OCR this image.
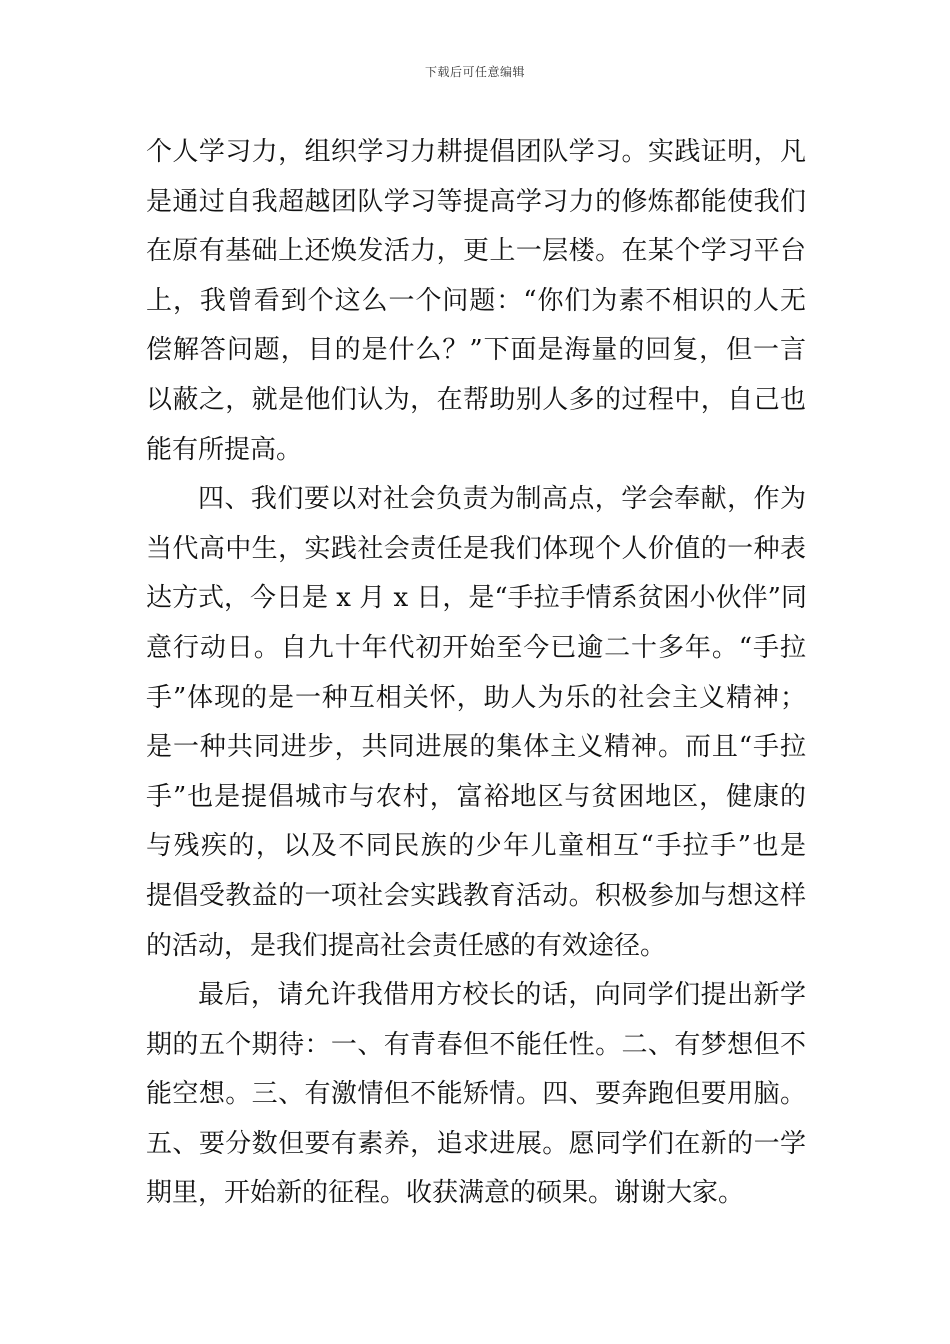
下载后可任意编辑
个人学习力，组织学习力耕提倡团队学习。实践证明，凡
是通过自我超越团队学习等提高学习力的修炼都能使我们
在原有基础上还焕发活力，更上一层楼。在某个学习平台
上，我曾看到个这么一个问题：“你们为素不相识的人无
偿解答问题，目的是什么？”下面是海量的回复，但一言
以蔽之，就是他们认为，在帮助别人多的过程中，自己也
能有所提高。
四、我们要以对社会负责为制高点，学会奉献，作为
当代高中生，实践社会责任是我们体现个人价值的一种表
达方式，今日是 x 月 x 日，是“手拉手情系贫困小伙伴”同
意行动日。自九十年代初开始至今已逾二十多年。“手拉
手”体现的是一种互相关怀，助人为乐的社会主义精神；
是一种共同进步，共同进展的集体主义精神。而且“手拉
手”也是提倡城市与农村，富裕地区与贫困地区，健康的
与残疾的，以及不同民族的少年儿童相互“手拉手”也是
提倡受教益的一项社会实践教育活动。积极参加与想这样
的活动，是我们提高社会责任感的有效途径。
最后，请允许我借用方校长的话，向同学们提出新学
期的五个期待：一、有青春但不能任性。二、有梦想但不
能空想。三、有激情但不能矫情。四、要奔跑但要用脑。
五、要分数但要有素养，追求进展。愿同学们在新的一学
期里，开始新的征程。收获满意的硕果。谢谢大家。
